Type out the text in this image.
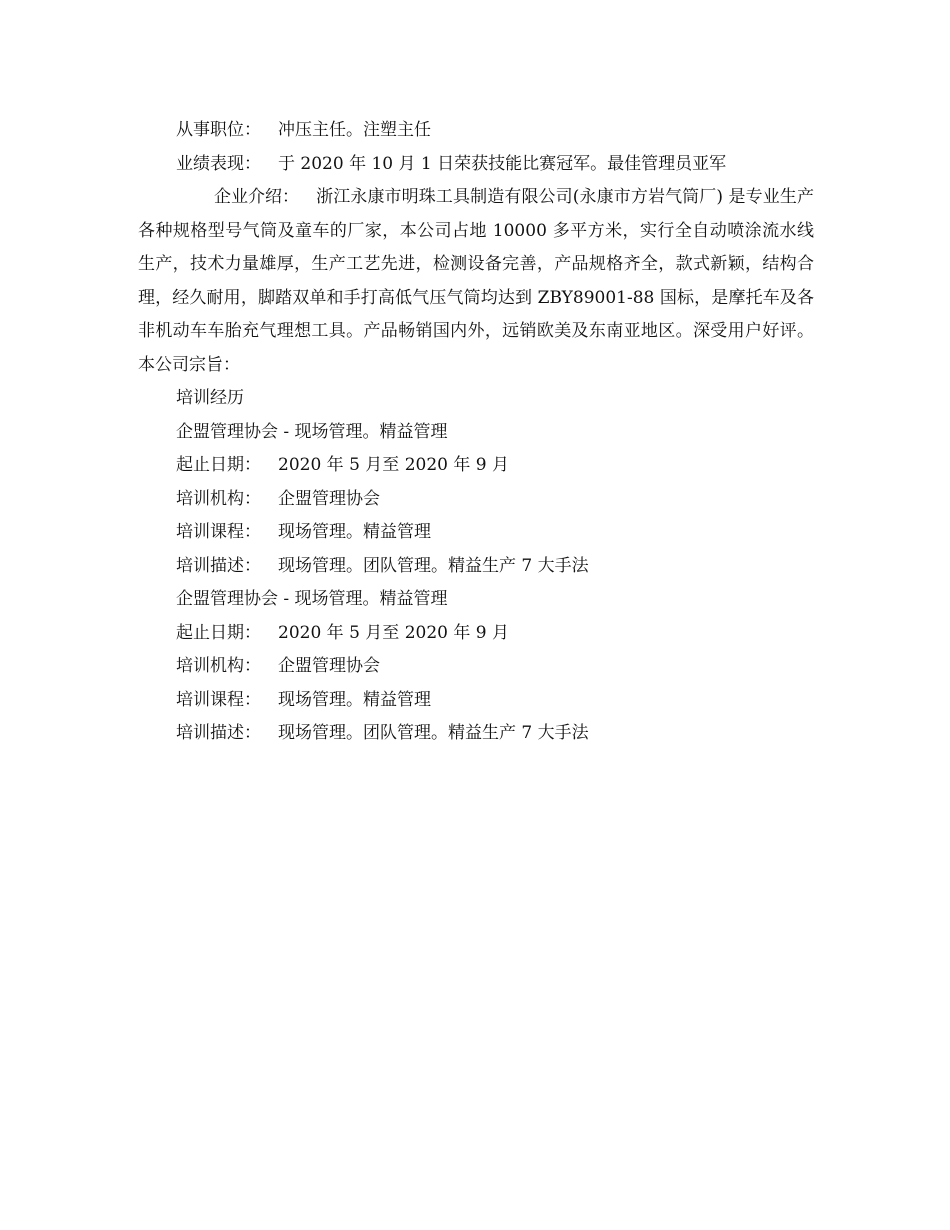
从事职位： 冲压主任。注塑主任
业绩表现： 于 2020 年 10 月 1 日荣获技能比赛冠军。最佳管理员亚军
企业介绍： 浙江永康市明珠工具制造有限公司(永康市方岩气筒厂) 是专业生产各种规格型号气筒及童车的厂家，本公司占地 10000 多平方米，实行全自动喷涂流水线生产，技术力量雄厚，生产工艺先进，检测设备完善，产品规格齐全，款式新颖，结构合理，经久耐用，脚踏双单和手打高低气压气筒均达到 ZBY89001-88 国标，是摩托车及各非机动车车胎充气理想工具。产品畅销国内外，远销欧美及东南亚地区。深受用户好评。本公司宗旨：
培训经历
企盟管理协会 - 现场管理。精益管理
起止日期： 2020 年 5 月至 2020 年 9 月
培训机构： 企盟管理协会
培训课程： 现场管理。精益管理
培训描述： 现场管理。团队管理。精益生产 7 大手法
企盟管理协会 - 现场管理。精益管理
起止日期： 2020 年 5 月至 2020 年 9 月
培训机构： 企盟管理协会
培训课程： 现场管理。精益管理
培训描述： 现场管理。团队管理。精益生产 7 大手法
